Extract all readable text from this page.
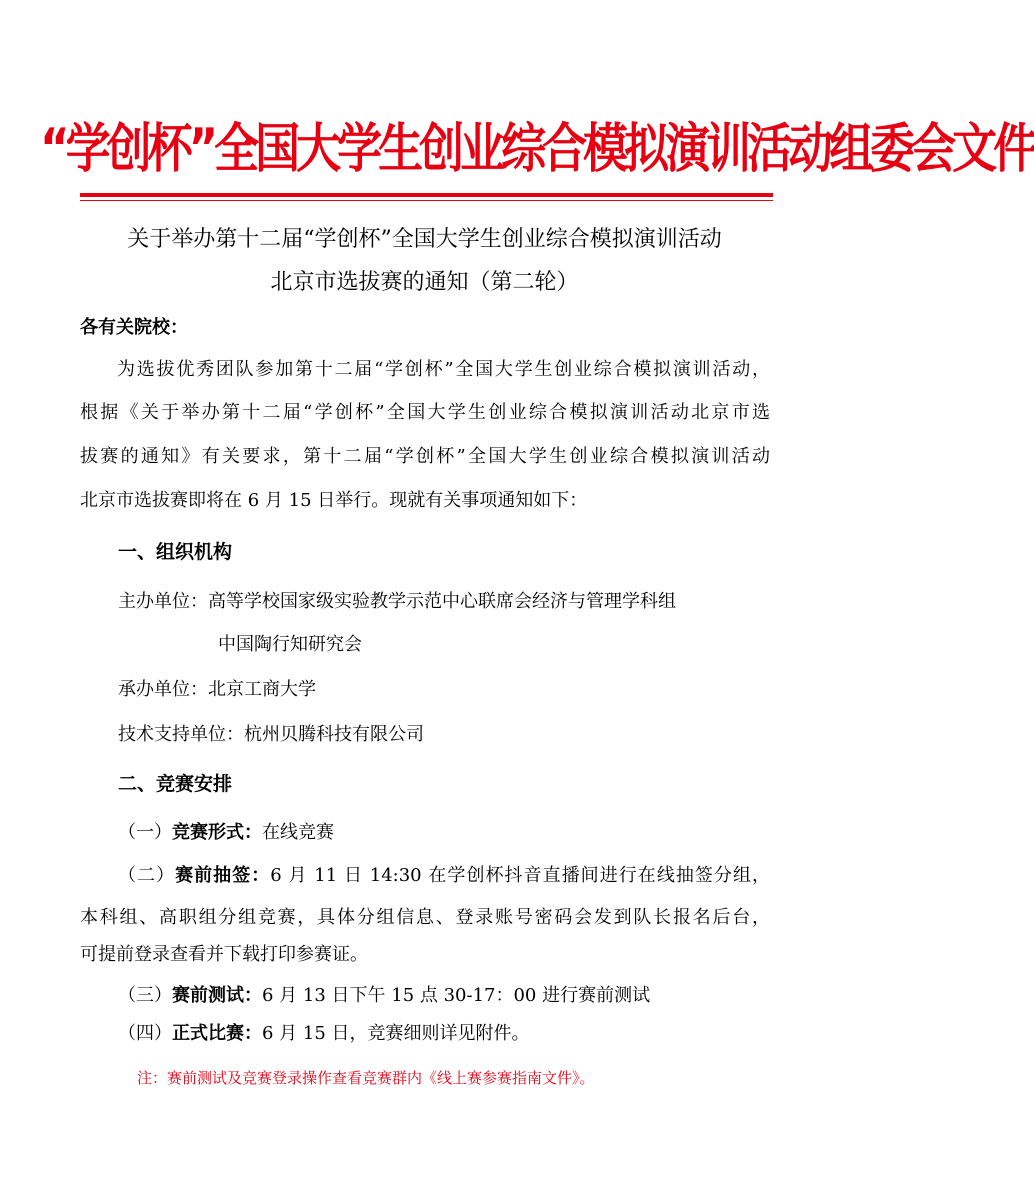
“学创杯”全国大学生创业综合模拟演训活动组委会文件
关于举办第十二届“学创杯”全国大学生创业综合模拟演训活动
北京市选拔赛的通知（第二轮）
各有关院校：
为选拔优秀团队参加第十二届“学创杯”全国大学生创业综合模拟演训活动，
根据《关于举办第十二届“学创杯”全国大学生创业综合模拟演训活动北京市选
拔赛的通知》有关要求，第十二届“学创杯”全国大学生创业综合模拟演训活动
北京市选拔赛即将在 6 月 15 日举行。现就有关事项通知如下：
一、组织机构
主办单位：高等学校国家级实验教学示范中心联席会经济与管理学科组
中国陶行知研究会
承办单位：北京工商大学
技术支持单位：杭州贝腾科技有限公司
二、竞赛安排
（一）竞赛形式：在线竞赛
（二）赛前抽签：6 月 11 日 14:30 在学创杯抖音直播间进行在线抽签分组，
本科组、高职组分组竞赛，具体分组信息、登录账号密码会发到队长报名后台，
可提前登录查看并下载打印参赛证。
（三）赛前测试：6 月 13 日下午 15 点 30-17：00 进行赛前测试
（四）正式比赛：6 月 15 日，竞赛细则详见附件。
注：赛前测试及竞赛登录操作查看竞赛群内《线上赛参赛指南文件》。
